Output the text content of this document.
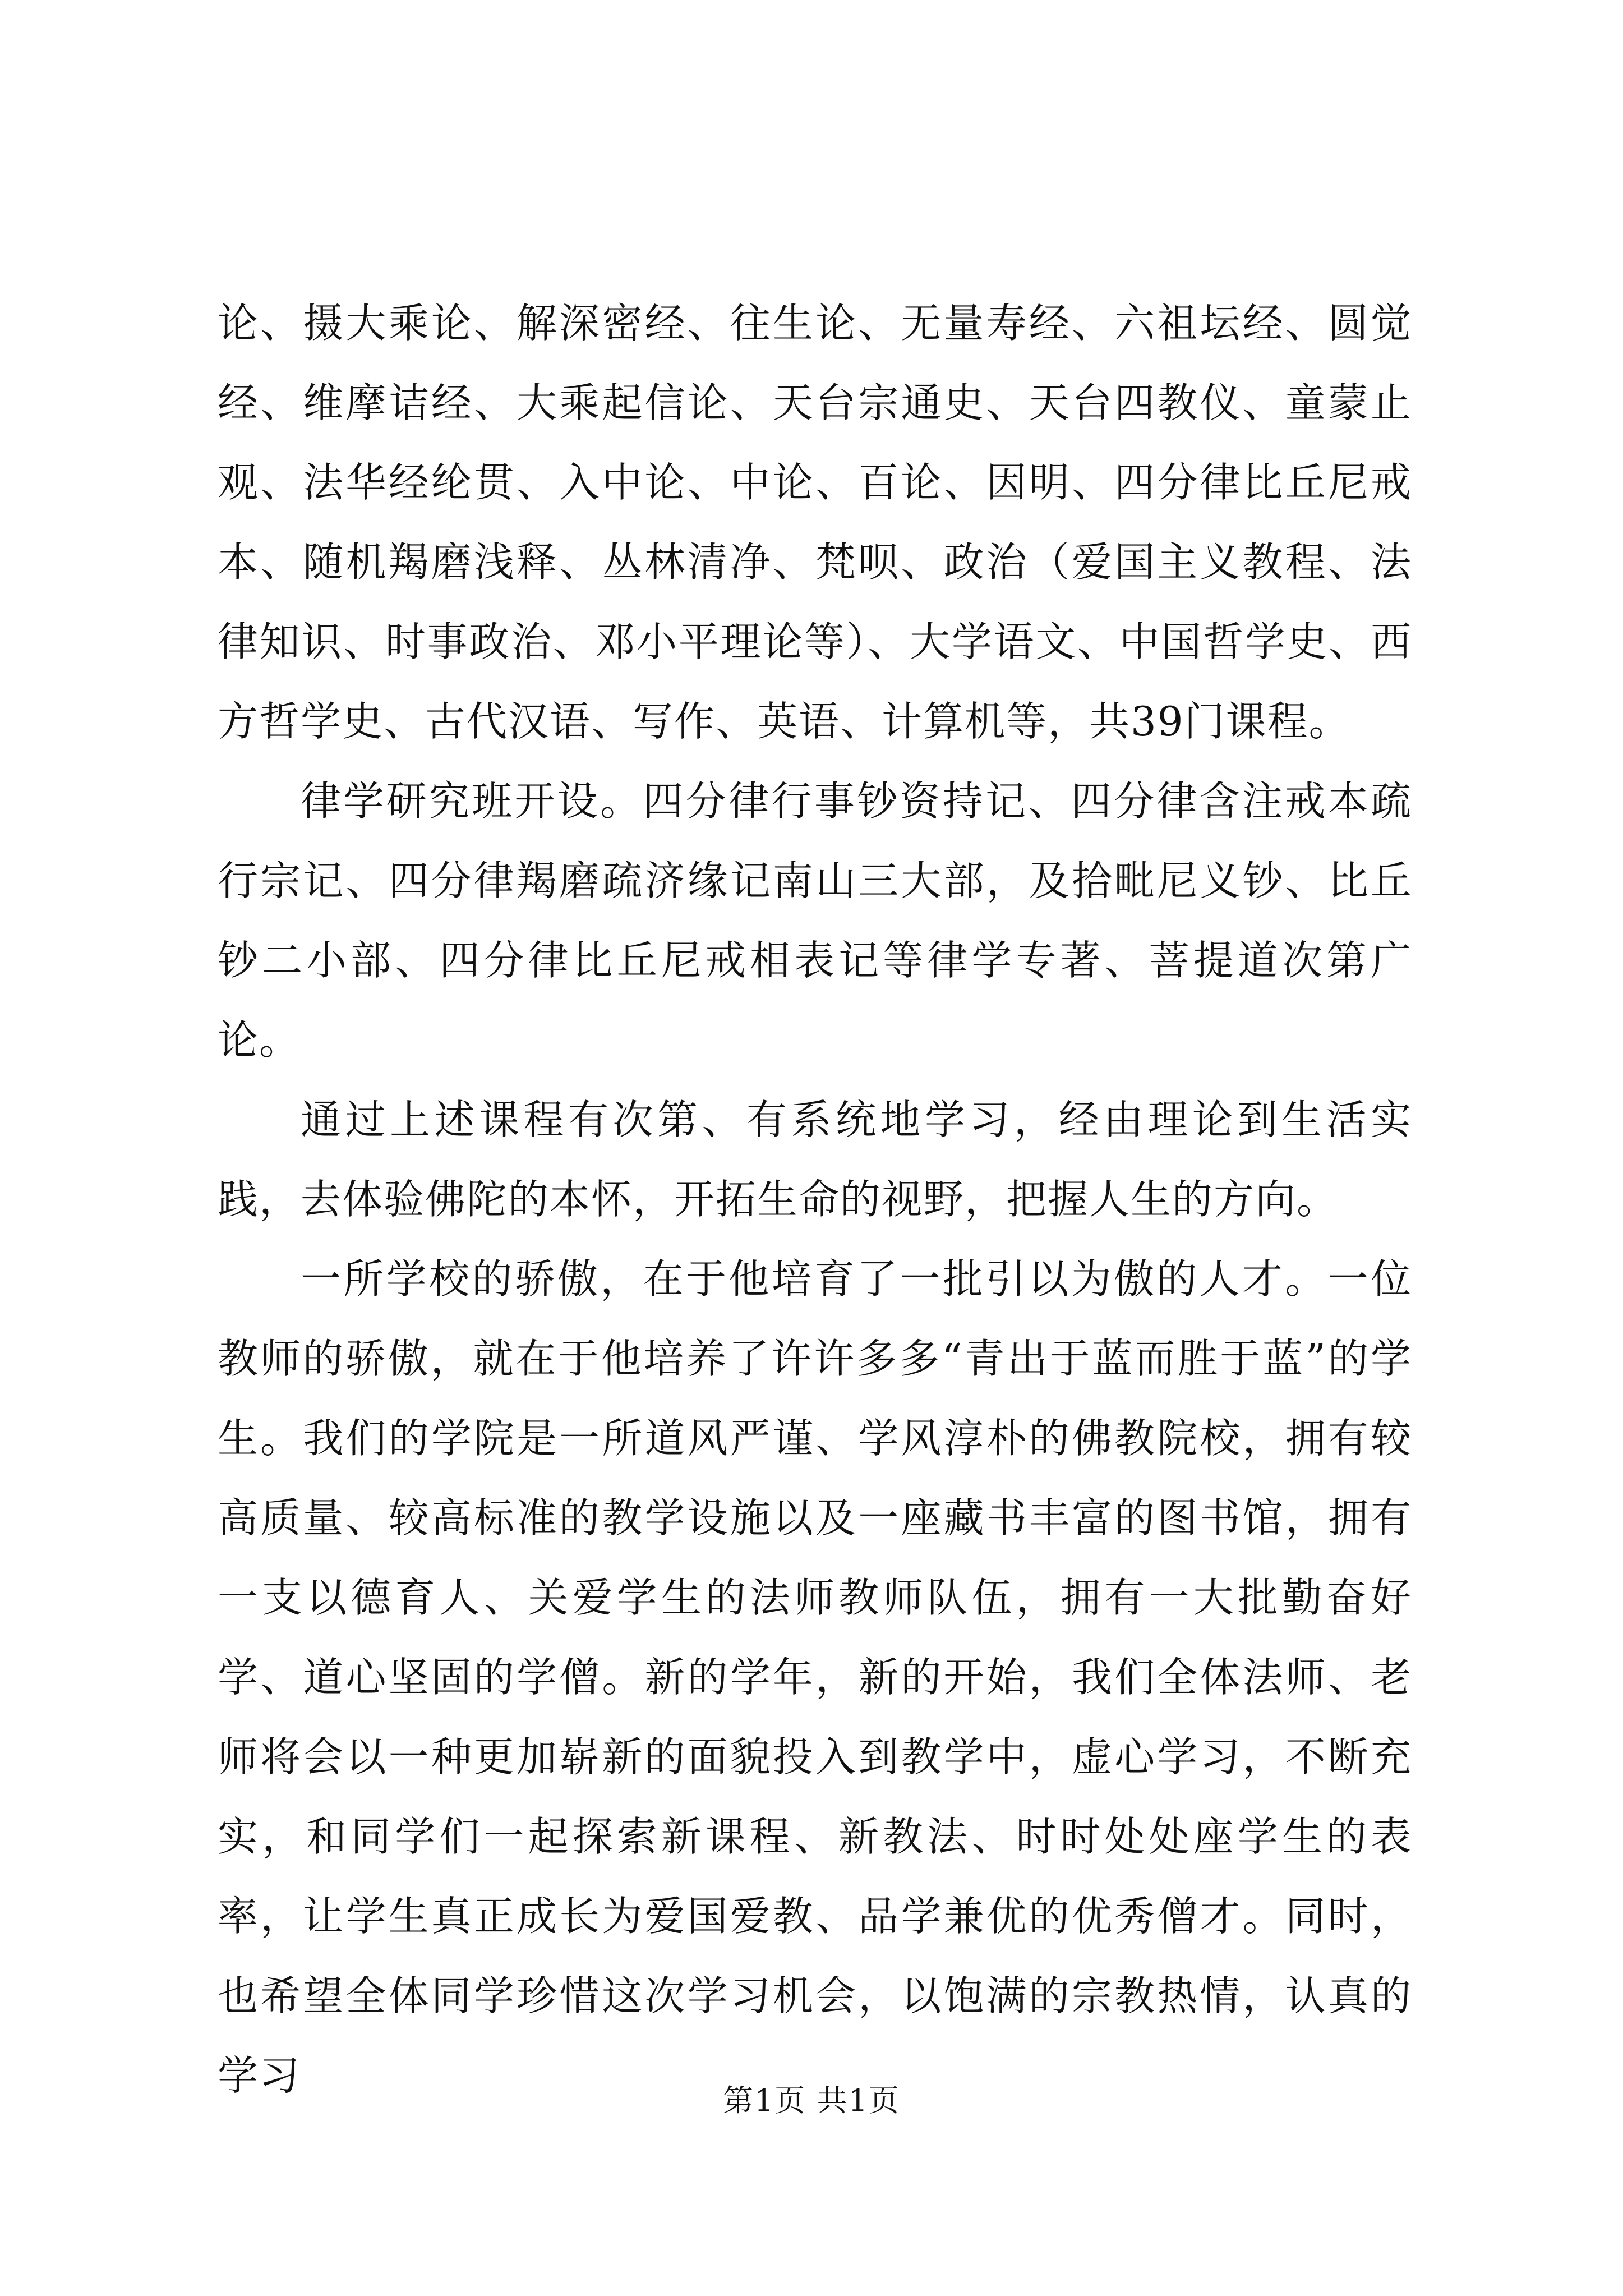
论、摄大乘论、解深密经、往生论、无量寿经、六祖坛经、圆觉经、维摩诘经、大乘起信论、天台宗通史、天台四教仪、童蒙止观、法华经纶贯、入中论、中论、百论、因明、四分律比丘尼戒本、随机羯磨浅释、丛林清净、梵呗、政治（爱国主义教程、法律知识、时事政治、邓小平理论等）、大学语文、中国哲学史、西方哲学史、古代汉语、写作、英语、计算机等，共39门课程。

律学研究班开设。四分律行事钞资持记、四分律含注戒本疏行宗记、四分律羯磨疏济缘记南山三大部，及拾毗尼义钞、比丘钞二小部、四分律比丘尼戒相表记等律学专著、菩提道次第广论。

通过上述课程有次第、有系统地学习，经由理论到生活实践，去体验佛陀的本怀，开拓生命的视野，把握人生的方向。

一所学校的骄傲，在于他培育了一批引以为傲的人才。一位教师的骄傲，就在于他培养了许许多多“青出于蓝而胜于蓝”的学生。我们的学院是一所道风严谨、学风淳朴的佛教院校，拥有较高质量、较高标准的教学设施以及一座藏书丰富的图书馆，拥有一支以德育人、关爱学生的法师教师队伍，拥有一大批勤奋好学、道心坚固的学僧。新的学年，新的开始，我们全体法师、老师将会以一种更加崭新的面貌投入到教学中，虚心学习，不断充实，和同学们一起探索新课程、新教法、时时处处座学生的表率，让学生真正成长为爱国爱教、品学兼优的优秀僧才。同时，也希望全体同学珍惜这次学习机会，以饱满的宗教热情，认真的学习

第1页 共1页
